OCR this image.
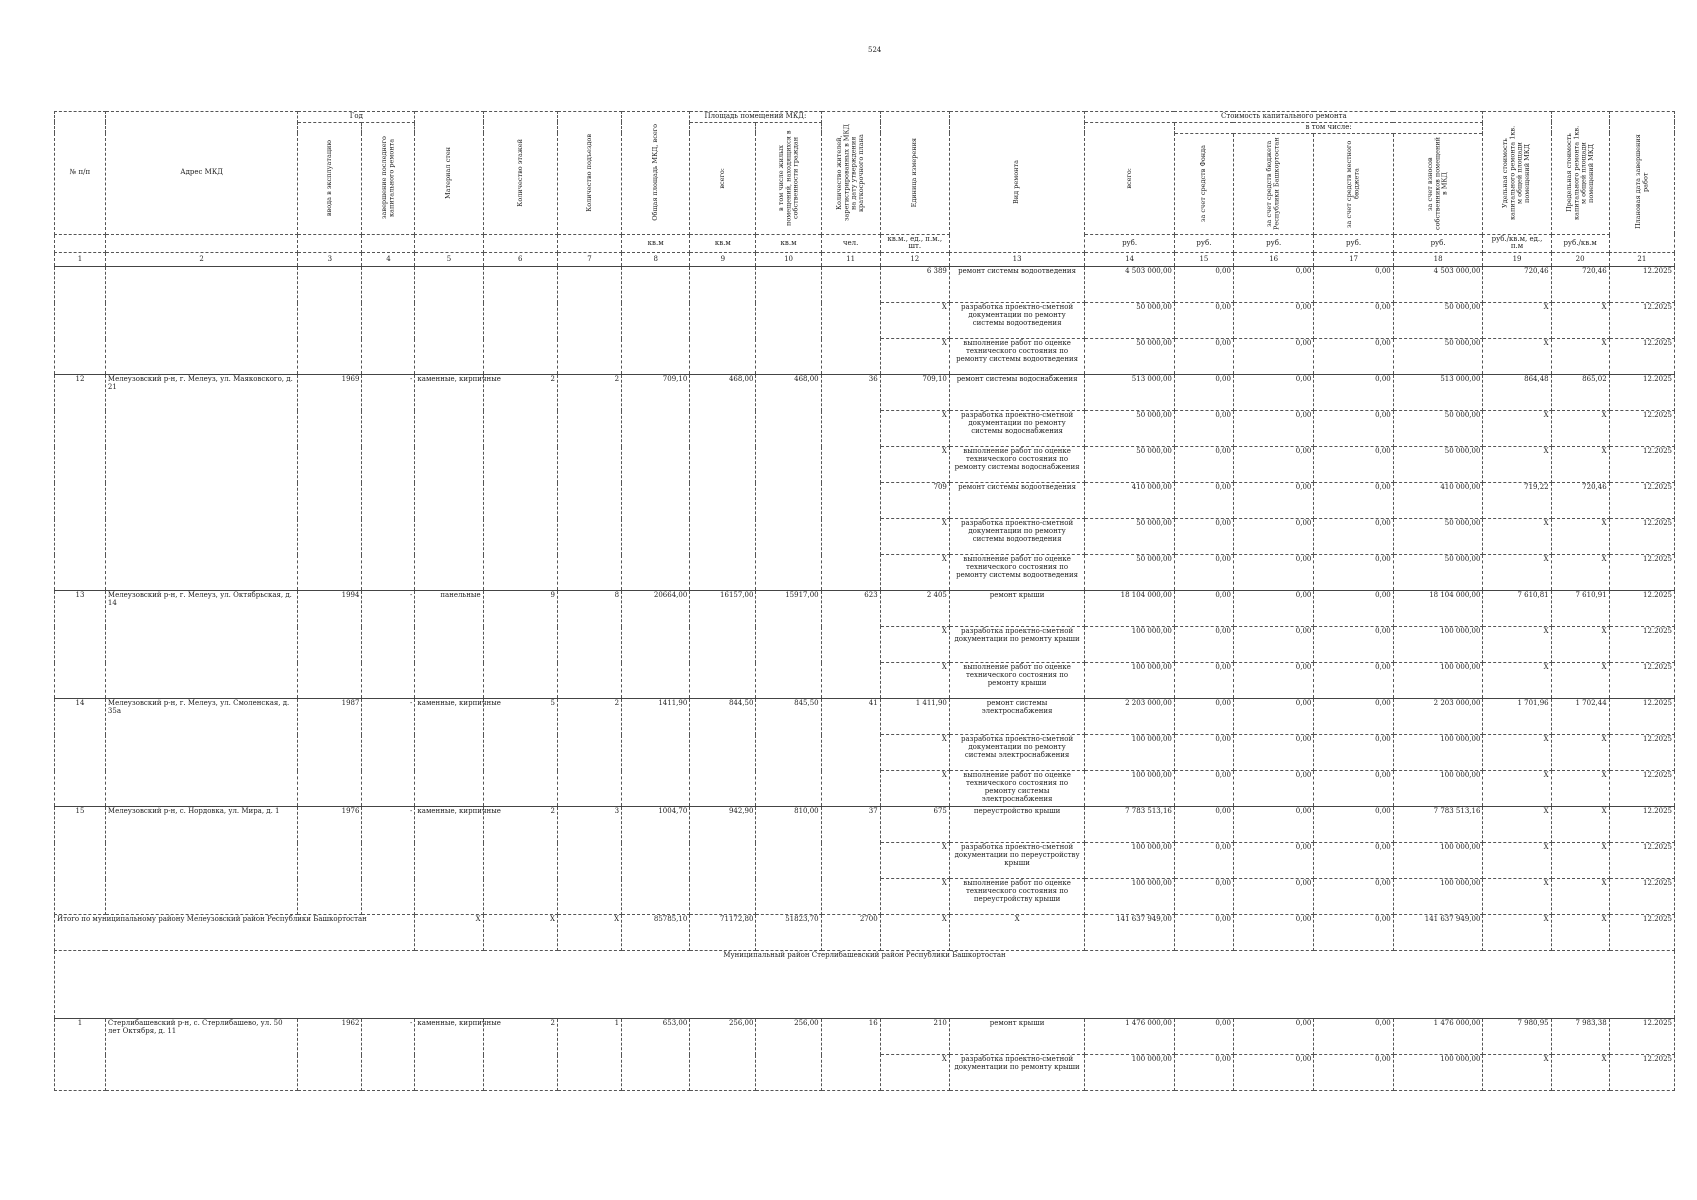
524
№ п/п	Адрес МКД	Год		Материал стен	Количество этажей	Количество подъездов	Общая площадь МКД, всего	Площадь помещений МКД:		Количество жителей, зарегистрированных в МКД на дату утверждения краткосрочного плана	Единица измерения	Вид ремонта	Стоимость капитального ремонта					Удельная стоимость капитального ремонта 1кв. м общей площади помещений МКД	Предельная стоимость капитального ремонта 1кв. м общей площади помещений МКД	Плановая дата завершения работ

		ввода в эксплуатацию	завершение последнего капитального ремонта					всего:	в том числе жилых помещений, находящихся в собственности граждан				всего:	в том числе:						

														за счет средств Фонда	за счет средств бюджета Республики Башкортостан	за счет средств местного бюджета	за счет взносов собственников помещений в МКД			

							кв.м	кв.м	кв.м	чел.	кв.м., ед., п.м., шт.		руб.	руб.	руб.	руб.	руб.	руб./кв.м, ед., п.м	руб./кв.м	
1	2	3	4	5	6	7	8	9	10	11	12	13	14	15	16	17	18	19	20	21
											6 389	ремонт системы водоотведения	4 503 000,00	0,00	0,00	0,00	4 503 000,00	720,46	720,46	12.2025
											X	разработка проектно-сметной документации по ремонту системы водоотведения	50 000,00	0,00	0,00	0,00	50 000,00	X	X	12.2025
											X	выполнение работ по оценке технического состояния по ремонту системы водоотведения	50 000,00	0,00	0,00	0,00	50 000,00	X	X	12.2025
12	Мелеузовский р-н, г. Мелеуз, ул. Маяковского, д. 21	1969	-	каменные, кирпичные	2	2	709,10	468,00	468,00	36	709,10	ремонт системы водоснабжения	513 000,00	0,00	0,00	0,00	513 000,00	864,48	865,02	12.2025
											X	разработка проектно-сметной документации по ремонту системы водоснабжения	50 000,00	0,00	0,00	0,00	50 000,00	X	X	12.2025
											X	выполнение работ по оценке технического состояния по ремонту системы водоснабжения	50 000,00	0,00	0,00	0,00	50 000,00	X	X	12.2025
											709	ремонт системы водоотведения	410 000,00	0,00	0,00	0,00	410 000,00	719,22	720,46	12.2025
											X	разработка проектно-сметной документации по ремонту системы водоотведения	50 000,00	0,00	0,00	0,00	50 000,00	X	X	12.2025
											X	выполнение работ по оценке технического состояния по ремонту системы водоотведения	50 000,00	0,00	0,00	0,00	50 000,00	X	X	12.2025
13	Мелеузовский р-н, г. Мелеуз, ул. Октябрьская, д. 14	1994	-	панельные	9	8	20664,00	16157,00	15917,00	623	2 405	ремонт крыши	18 104 000,00	0,00	0,00	0,00	18 104 000,00	7 610,81	7 610,91	12.2025
											X	разработка проектно-сметной документации по ремонту крыши	100 000,00	0,00	0,00	0,00	100 000,00	X	X	12.2025
											X	выполнение работ по оценке технического состояния по ремонту крыши	100 000,00	0,00	0,00	0,00	100 000,00	X	X	12.2025
14	Мелеузовский р-н, г. Мелеуз, ул. Смоленская, д. 35а	1987	-	каменные, кирпичные	5	2	1411,90	844,50	845,50	41	1 411,90	ремонт системы электроснабжения	2 203 000,00	0,00	0,00	0,00	2 203 000,00	1 701,96	1 702,44	12.2025
											X	разработка проектно-сметной документации по ремонту системы электроснабжения	100 000,00	0,00	0,00	0,00	100 000,00	X	X	12.2025
											X	выполнение работ по оценке технического состояния по ремонту системы электроснабжения	100 000,00	0,00	0,00	0,00	100 000,00	X	X	12.2025
15	Мелеузовский р-н, с. Нордовка, ул. Мира, д. 1	1976	-	каменные, кирпичные	2	3	1004,70	942,90	810,00	37	675	переустройство крыши	7 783 513,16	0,00	0,00	0,00	7 783 513,16	X	X	12.2025
											X	разработка проектно-сметной документации по переустройству крыши	100 000,00	0,00	0,00	0,00	100 000,00	X	X	12.2025
											X	выполнение работ по оценке технического состояния по переустройству крыши	100 000,00	0,00	0,00	0,00	100 000,00	X	X	12.2025
Итого по муниципальному району Мелеузовский район Республики Башкортостан				X	X	X	85785,10	71172,80	51823,70	2700	X	X	141 637 949,00	0,00	0,00	0,00	141 637 949,00	X	X	12.2025
Муниципальный район Стерлибашевский район Республики Башкортостан																				
1	Стерлибашевский р-н, с. Стерлибашево, ул. 50 лет Октября, д. 11	1962	-	каменные, кирпичные	2	1	653,00	256,00	256,00	16	210	ремонт крыши	1 476 000,00	0,00	0,00	0,00	1 476 000,00	7 980,95	7 983,38	12.2025
											X	разработка проектно-сметной документации по ремонту крыши	100 000,00	0,00	0,00	0,00	100 000,00	X	X	12.2025
